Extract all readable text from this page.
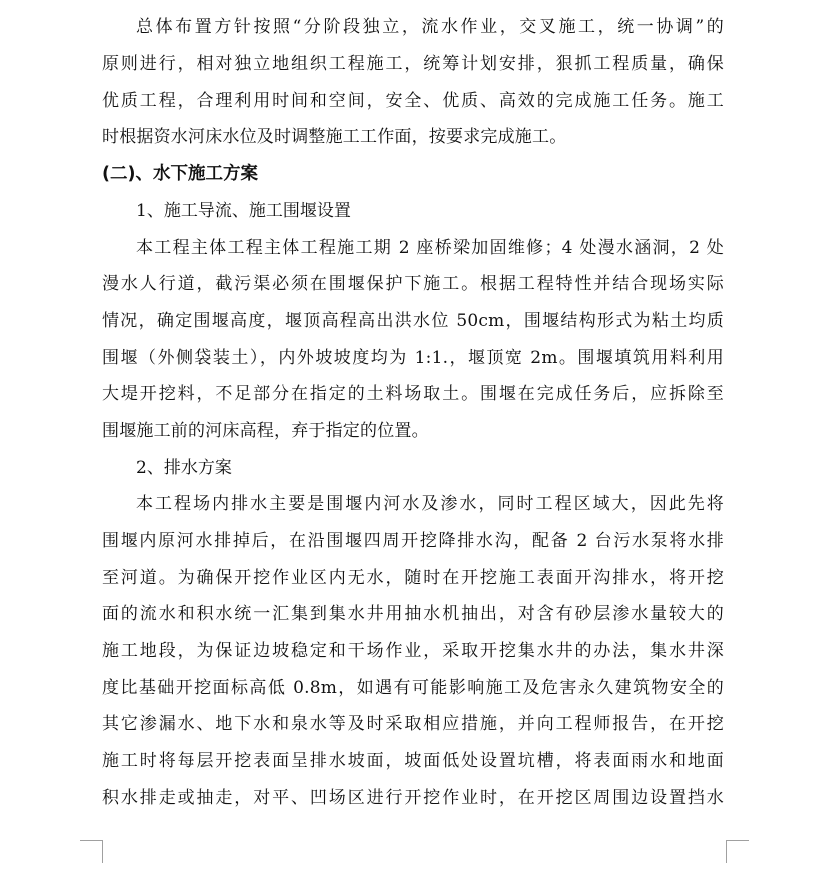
总体布置方针按照“分阶段独立，流水作业，交叉施工，统一协调”的
原则进行，相对独立地组织工程施工，统筹计划安排，狠抓工程质量，确保
优质工程，合理利用时间和空间，安全、优质、高效的完成施工任务。施工
时根据资水河床水位及时调整施工工作面，按要求完成施工。
(二)、水下施工方案
1、施工导流、施工围堰设置
本工程主体工程主体工程施工期 2 座桥梁加固维修；4 处漫水涵洞，2 处
漫水人行道，截污渠必须在围堰保护下施工。根据工程特性并结合现场实际
情况，确定围堰高度，堰顶高程高出洪水位 50cm，围堰结构形式为粘土均质
围堰（外侧袋装土），内外坡坡度均为 1:1.，堰顶宽 2m。围堰填筑用料利用
大堤开挖料，不足部分在指定的土料场取土。围堰在完成任务后，应拆除至
围堰施工前的河床高程，弃于指定的位置。
2、排水方案
本工程场内排水主要是围堰内河水及渗水，同时工程区域大，因此先将
围堰内原河水排掉后，在沿围堰四周开挖降排水沟，配备 2 台污水泵将水排
至河道。为确保开挖作业区内无水，随时在开挖施工表面开沟排水，将开挖
面的流水和积水统一汇集到集水井用抽水机抽出，对含有砂层渗水量较大的
施工地段，为保证边坡稳定和干场作业，采取开挖集水井的办法，集水井深
度比基础开挖面标高低 0.8m，如遇有可能影响施工及危害永久建筑物安全的
其它渗漏水、地下水和泉水等及时采取相应措施，并向工程师报告，在开挖
施工时将每层开挖表面呈排水坡面，坡面低处设置坑槽，将表面雨水和地面
积水排走或抽走，对平、凹场区进行开挖作业时，在开挖区周围边设置挡水
